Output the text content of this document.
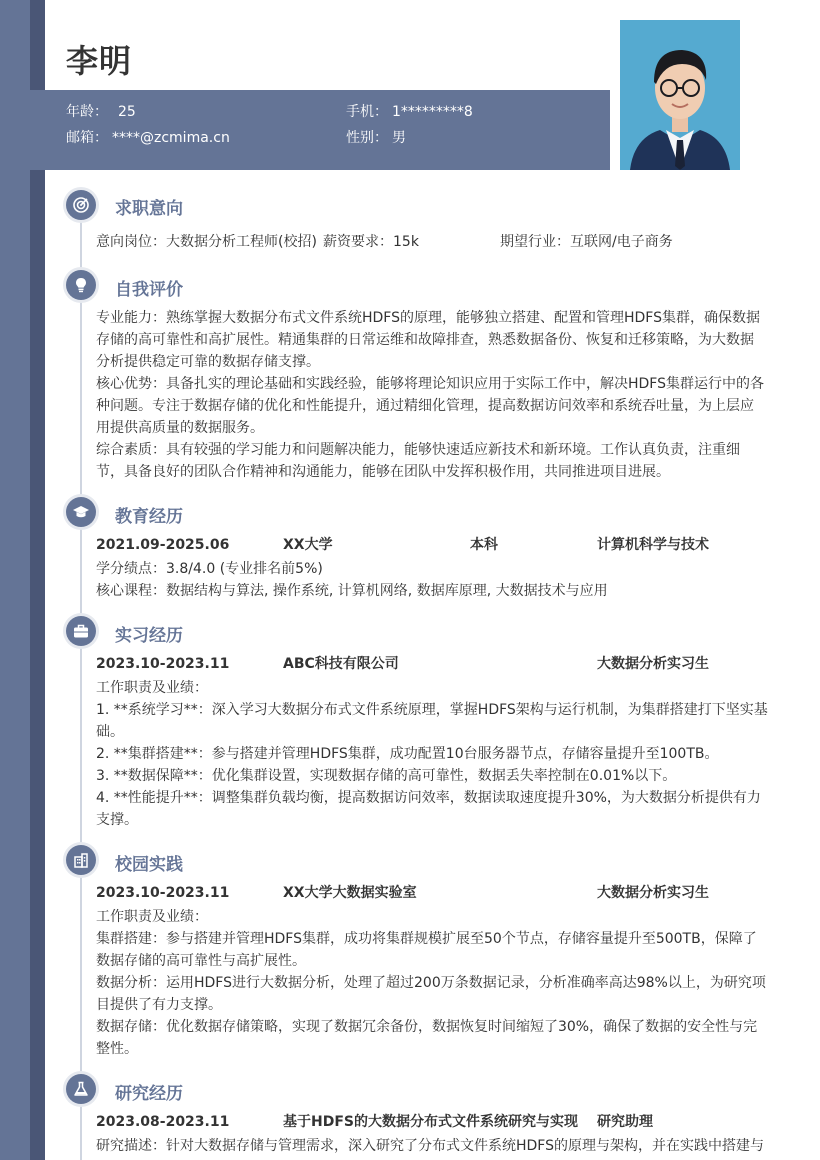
李明
年龄： 25	手机： 1*********8
邮箱： ****@zcmima.cn	性别： 男
求职意向
意向岗位：大数据分析工程师(校招) 薪资要求：15k	期望行业：互联网/电子商务
自我评价
专业能力：熟练掌握大数据分布式文件系统HDFS的原理，能够独立搭建、配置和管理HDFS集群，确保数据
存储的高可靠性和高扩展性。精通集群的日常运维和故障排查，熟悉数据备份、恢复和迁移策略，为大数据
分析提供稳定可靠的数据存储支撑。
核心优势：具备扎实的理论基础和实践经验，能够将理论知识应用于实际工作中，解决HDFS集群运行中的各
种问题。专注于数据存储的优化和性能提升，通过精细化管理，提高数据访问效率和系统吞吐量，为上层应
用提供高质量的数据服务。
综合素质：具有较强的学习能力和问题解决能力，能够快速适应新技术和新环境。工作认真负责，注重细
节，具备良好的团队合作精神和沟通能力，能够在团队中发挥积极作用，共同推进项目进展。
教育经历
2021.09-2025.06	XX大学	本科	计算机科学与技术
学分绩点：3.8/4.0 (专业排名前5%)
核心课程：数据结构与算法, 操作系统, 计算机网络, 数据库原理, 大数据技术与应用
实习经历
2023.10-2023.11	ABC科技有限公司	大数据分析实习生
工作职责及业绩：
1. **系统学习**：深入学习大数据分布式文件系统原理，掌握HDFS架构与运行机制，为集群搭建打下坚实基
础。
2. **集群搭建**：参与搭建并管理HDFS集群，成功配置10台服务器节点，存储容量提升至100TB。
3. **数据保障**：优化集群设置，实现数据存储的高可靠性，数据丢失率控制在0.01%以下。
4. **性能提升**：调整集群负载均衡，提高数据访问效率，数据读取速度提升30%，为大数据分析提供有力
支撑。
校园实践
2023.10-2023.11	XX大学大数据实验室	大数据分析实习生
工作职责及业绩：
集群搭建：参与搭建并管理HDFS集群，成功将集群规模扩展至50个节点，存储容量提升至500TB，保障了
数据存储的高可靠性与高扩展性。
数据分析：运用HDFS进行大数据分析，处理了超过200万条数据记录，分析准确率高达98%以上，为研究项
目提供了有力支撑。
数据存储：优化数据存储策略，实现了数据冗余备份，数据恢复时间缩短了30%，确保了数据的安全性与完
整性。
研究经历
2023.08-2023.11	基于HDFS的大数据分布式文件系统研究与实现 研究助理
研究描述：针对大数据存储与管理需求，深入研究了分布式文件系统HDFS的原理与架构，并在实践中搭建与
